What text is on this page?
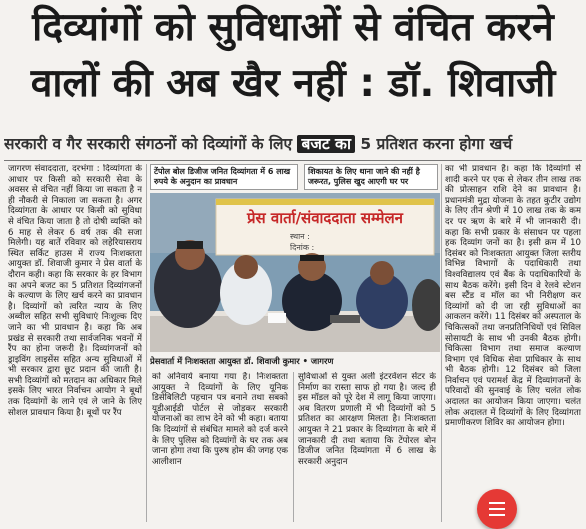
दिव्यांगों को सुविधाओं से वंचित करने
वालों की अब खैर नहीं : डॉ. शिवाजी
सरकारी व गैर सरकारी संगठनों को दिव्यांगों के लिए बजट का 5 प्रतिशत करना होगा खर्च

जागरण संवाददाता, दरभंगा : दिव्यांगता के आधार पर किसी को सरकारी सेवा के अवसर से वंचित नहीं किया जा सकता है न ही नौकरी से निकाला जा सकता है। अगर दिव्यांगता के आधार पर किसी को सुविधा से वंचित किया जाता है तो दोषी व्यक्ति को 6 माह से लेकर 6 वर्ष तक की सजा मिलेगी। यह बातें रविवार को लहेरियासराय स्थित सर्किट हाउस में राज्य निःशक्तता आयुक्त डॉ. शिवाजी कुमार ने प्रेस वार्ता के दौरान कही। कहा कि सरकार के हर विभाग का अपने बजट का 5 प्रतिशत दिव्यांगजनों के कल्याण के लिए खर्च करने का प्रावधान है। दिव्यांगों को त्वरित न्याय के लिए अब्वील सहित सभी सुविधाएं निःशुल्क दिए जाने का भी प्रावधान है। कहा कि अब प्रखंड से सरकारी तथा सार्वजनिक भवनों में रैंप का होना जरूरी है। दिव्यांगजनों को ड्राइविंग लाइसेंस सहित अन्य सुविधाओं में भी सरकार द्वारा छूट प्रदान की जाती है। सभी दिव्यांगों को मतदान का अधिकार मिले इसके लिए भारत निर्वाचन आयोग ने बूथों तक दिव्यांगों के लाने एवं ले जाने के लिए सोशल प्रावधान किया है। बूथों पर रैंप

टेंपोल बोल डिजीज जनित दिव्यांगता में 6 लाख रुपये के अनुदान का प्रावधान
शिकायत के लिए थाना जाने की नहीं है जरूरत, पुलिस खुद आएगी घर पर
प्रेस वार्ता/संवाददाता सम्मेलन
स्थान :
दिनांक :
प्रेसवार्ता में निःशक्तता आयुक्त डॉ. शिवाजी कुमार • जागरण

को अनिवार्य बनाया गया है। निःशक्तता आयुक्त ने दिव्यांगों के लिए यूनिक डिसेबिलिटी पहचान पत्र बनाने तथा सबको यूडीआईडी पोर्टल से जोड़कर सरकारी योजनाओं का लाभ देने को भी कहा। बताया कि दिव्यांगों से संबंधित मामले को दर्ज करने के लिए पुलिस को दिव्यांगों के घर तक अब जाना होगा तथा कि पुरुष होम की जगह एक आलीशान

सुविधाओं से युक्त अर्ली इंटरवेंशन सेंटर के निर्माण का रास्ता साफ हो गया है। जल्द ही इस मॉडल को पूरे देश में लागू किया जाएगा। अब वितरण प्रणाली में भी दिव्यांगों को 5 प्रतिशत का आरक्षण मिलता है। निःशक्तता आयुक्त ने 21 प्रकार के दिव्यांगता के बारे में जानकारी दी तथा बताया कि टेंपोरल बोन डिजीज जनित दिव्यांगता में 6 लाख के सरकारी अनुदान

का भी प्रावधान है। कहा कि दिव्यांगों से शादी करने पर एक से लेकर तीन लाख तक की प्रोत्साहन राशि देने का प्रावधान है। प्रधानमंत्री मुद्रा योजना के तहत कुटीर उद्योग के लिए तीन श्रेणी में 10 लाख तक के कम दर पर ऋण के बारे में भी जानकारी दी। कहा कि सभी प्रकार के संसाधन पर पहला हक दिव्यांग जनों का है। इसी क्रम में 10 दिसंबर को निःशक्तता आयुक्त जिला स्तरीय विभिन्न विभागों के पदाधिकारी तथा विश्वविद्यालय एवं बैंक के पदाधिकारियों के साथ बैठक करेंगे। इसी दिन वे रेलवे स्टेशन बस स्टैंड व मॉल का भी निरीक्षण कर दिव्यांगों को दी जा रही सुविधाओं का आकलन करेंगे। 11 दिसंबर को अस्पताल के चिकित्सकों तथा जनप्रतिनिधियों एवं सिविल सोसायटी के साथ भी उनकी बैठक होगी। चिकित्सा विभाग तथा समाज कल्याण विभाग एवं विधिक सेवा प्राधिकार के साथ भी बैठक होगी। 12 दिसंबर को जिला निर्वाचन एवं परामर्श केंद्र में दिव्यांगजनों के परिवादों की सुनवाई के लिए चलंत लोक अदालत का आयोजन किया जाएगा। चलंत लोक अदालत में दिव्यांगों के लिए दिव्यांगता प्रमाणीकरण शिविर का आयोजन होगा।
